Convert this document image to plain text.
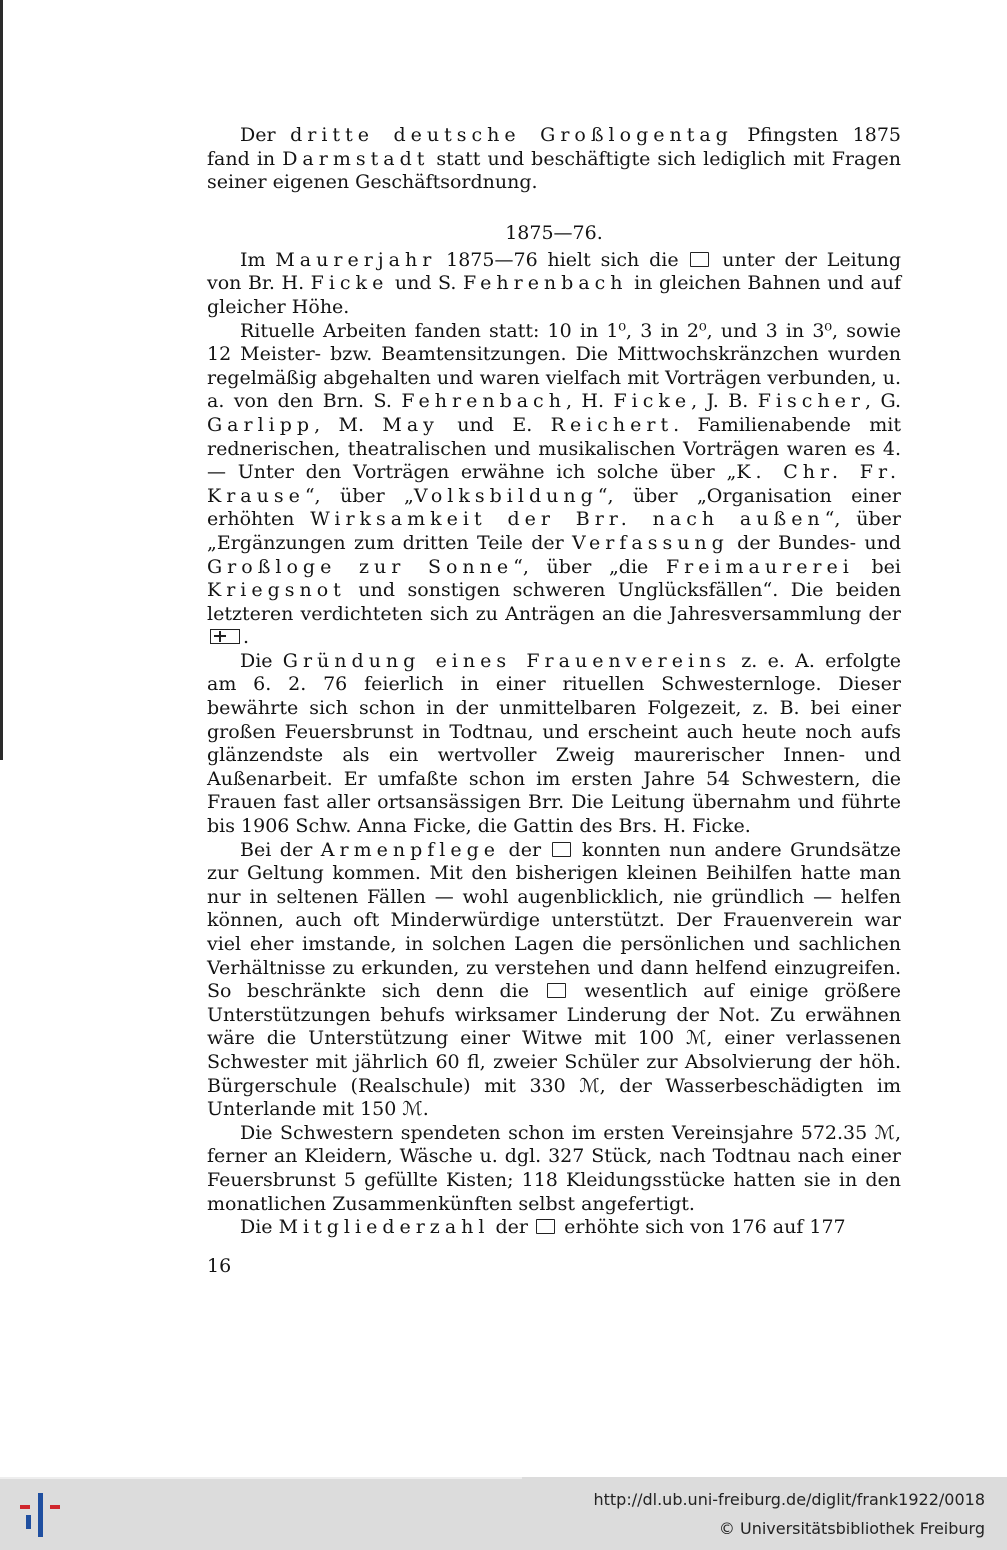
Der dritte deutsche Großlogentag Pfingsten 1875 fand in Darmstadt statt und beschäftigte sich lediglich mit Fragen seiner eigenen Geschäftsordnung.

1875—76.

Im Maurerjahr 1875—76 hielt sich die  unter der Leitung von Br. H. Ficke und S. Fehrenbach in gleichen Bahnen und auf gleicher Höhe.

Rituelle Arbeiten fanden statt: 10 in 1⁰, 3 in 2⁰, und 3 in 3⁰, sowie 12 Meister- bzw. Beamtensitzungen. Die Mittwochskränzchen wurden regelmäßig abgehalten und waren vielfach mit Vorträgen verbunden, u. a. von den Brn. S. Fehrenbach, H. Ficke, J. B. Fischer, G. Garlipp, M. May und E. Reichert. Familienabende mit rednerischen, theatralischen und musikalischen Vorträgen waren es 4. — Unter den Vorträgen erwähne ich solche über „K. Chr. Fr. Krause“, über „Volksbildung“, über „Organisation einer erhöhten Wirksamkeit der Brr. nach außen“, über „Ergänzungen zum dritten Teile der Verfassung der Bundes- und Großloge zur Sonne“, über „die Freimaurerei bei Kriegsnot und sonstigen schweren Unglücksfällen“. Die beiden letzteren verdichteten sich zu Anträgen an die Jahresversammlung der .

Die Gründung eines Frauenvereins z. e. A. erfolgte am 6. 2. 76 feierlich in einer rituellen Schwesternloge. Dieser bewährte sich schon in der unmittelbaren Folgezeit, z. B. bei einer großen Feuersbrunst in Todtnau, und erscheint auch heute noch aufs glänzendste als ein wertvoller Zweig maurerischer Innen- und Außenarbeit. Er umfaßte schon im ersten Jahre 54 Schwestern, die Frauen fast aller ortsansässigen Brr. Die Leitung übernahm und führte bis 1906 Schw. Anna Ficke, die Gattin des Brs. H. Ficke.

Bei der Armenpflege der  konnten nun andere Grundsätze zur Geltung kommen. Mit den bisherigen kleinen Beihilfen hatte man nur in seltenen Fällen — wohl augenblicklich, nie gründlich — helfen können, auch oft Minderwürdige unterstützt. Der Frauenverein war viel eher imstande, in solchen Lagen die persönlichen und sachlichen Verhältnisse zu erkunden, zu verstehen und dann helfend einzugreifen. So beschränkte sich denn die  wesentlich auf einige größere Unterstützungen behufs wirksamer Linderung der Not. Zu erwähnen wäre die Unterstützung einer Witwe mit 100 ℳ, einer verlassenen Schwester mit jährlich 60 fl, zweier Schüler zur Absolvierung der höh. Bürgerschule (Realschule) mit 330 ℳ, der Wasserbeschädigten im Unterlande mit 150 ℳ.

Die Schwestern spendeten schon im ersten Vereinsjahre 572.35 ℳ, ferner an Kleidern, Wäsche u. dgl. 327 Stück, nach Todtnau nach einer Feuersbrunst 5 gefüllte Kisten; 118 Kleidungsstücke hatten sie in den monatlichen Zusammenkünften selbst angefertigt.

Die Mitgliederzahl der  erhöhte sich von 176 auf 177

16
http://dl.ub.uni-freiburg.de/diglit/frank1922/0018
© Universitätsbibliothek Freiburg
